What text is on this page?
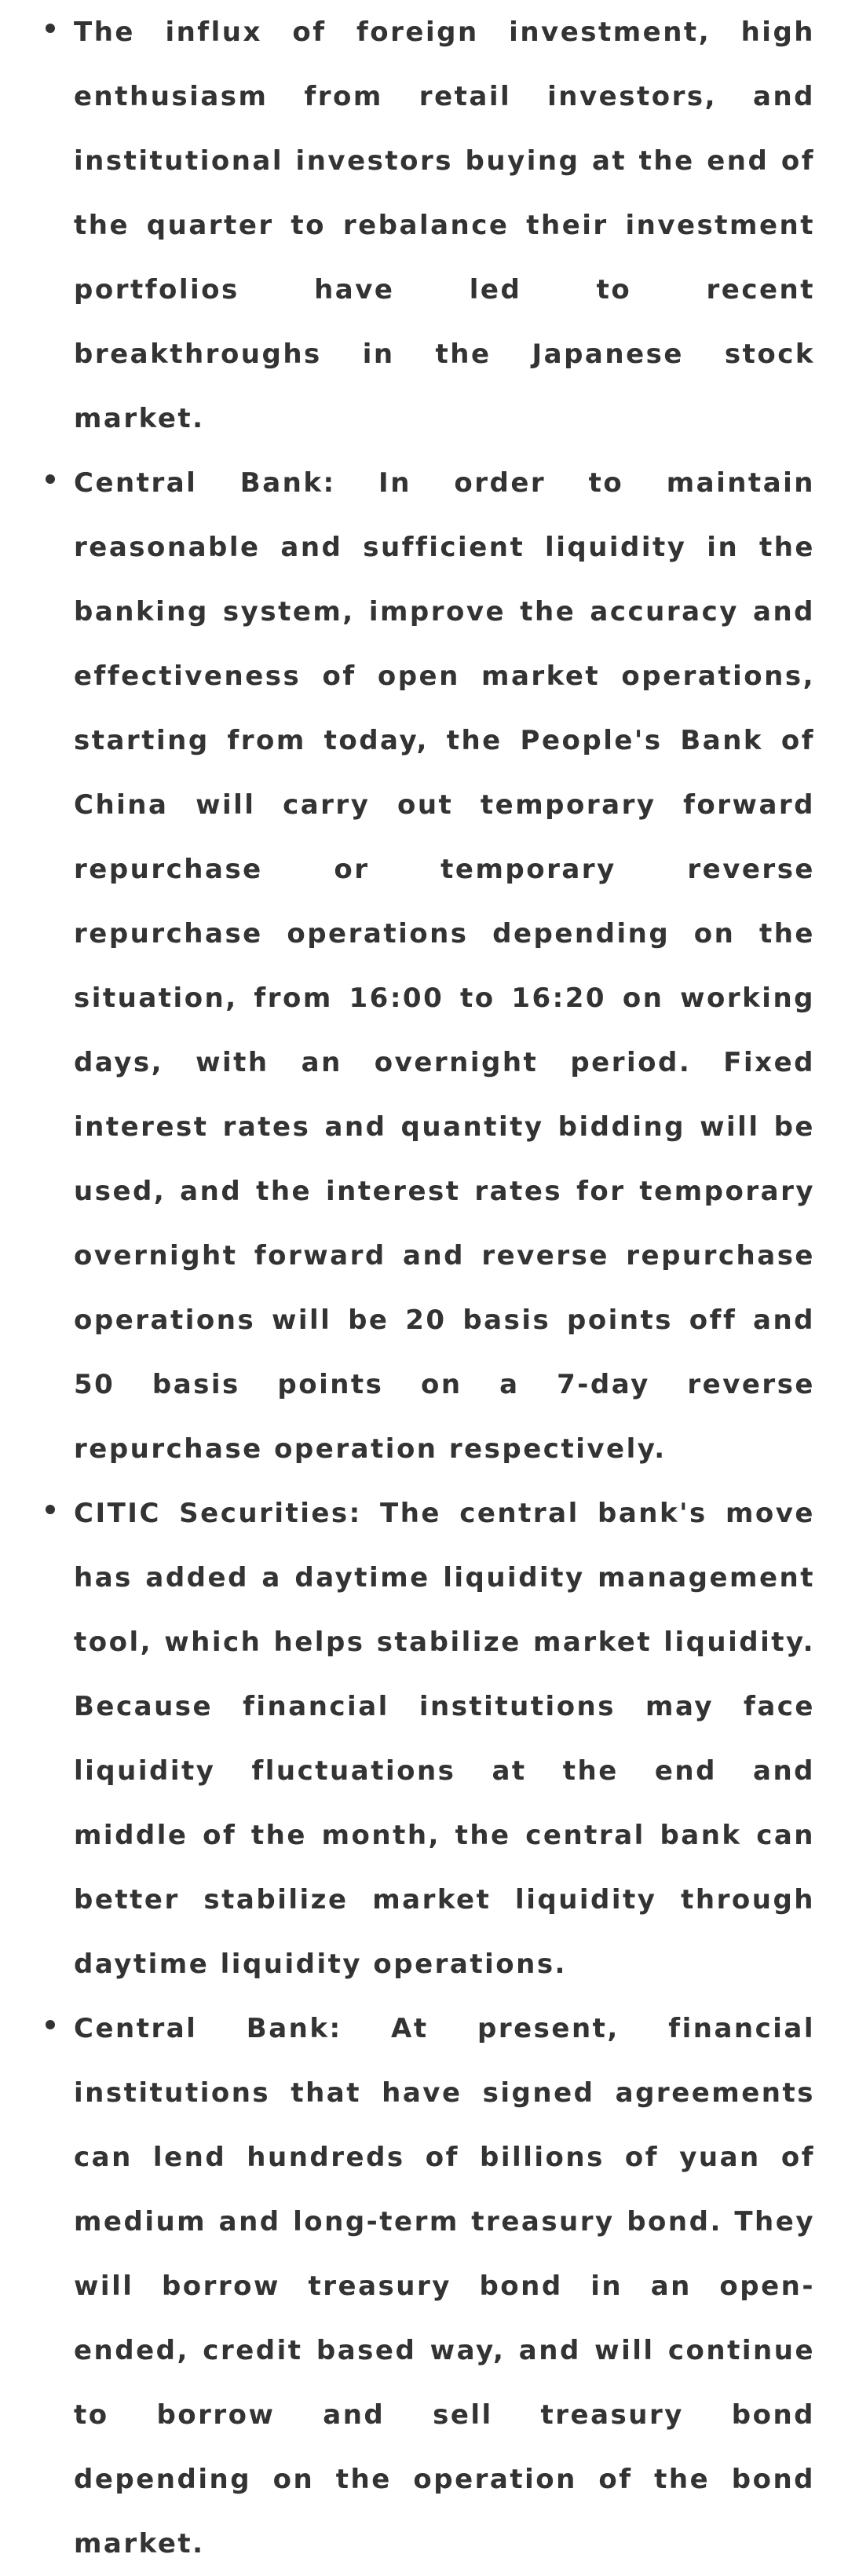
The influx of foreign investment, high enthusiasm from retail investors, and institutional investors buying at the end of the quarter to rebalance their investment portfolios have led to recent breakthroughs in the Japanese stock market.

Central Bank: In order to maintain reasonable and sufficient liquidity in the banking system, improve the accuracy and effectiveness of open market operations, starting from today, the People's Bank of China will carry out temporary forward repurchase or temporary reverse repurchase operations depending on the situation, from 16:00 to 16:20 on working days, with an overnight period. Fixed interest rates and quantity bidding will be used, and the interest rates for temporary overnight forward and reverse repurchase operations will be 20 basis points off and 50 basis points on a 7-day reverse repurchase operation respectively.

CITIC Securities: The central bank's move has added a daytime liquidity management tool, which helps stabilize market liquidity. Because financial institutions may face liquidity fluctuations at the end and middle of the month, the central bank can better stabilize market liquidity through daytime liquidity operations.

Central Bank: At present, financial institutions that have signed agreements can lend hundreds of billions of yuan of medium and long-term treasury bond. They will borrow treasury bond in an open-ended, credit based way, and will continue to borrow and sell treasury bond depending on the operation of the bond market.
